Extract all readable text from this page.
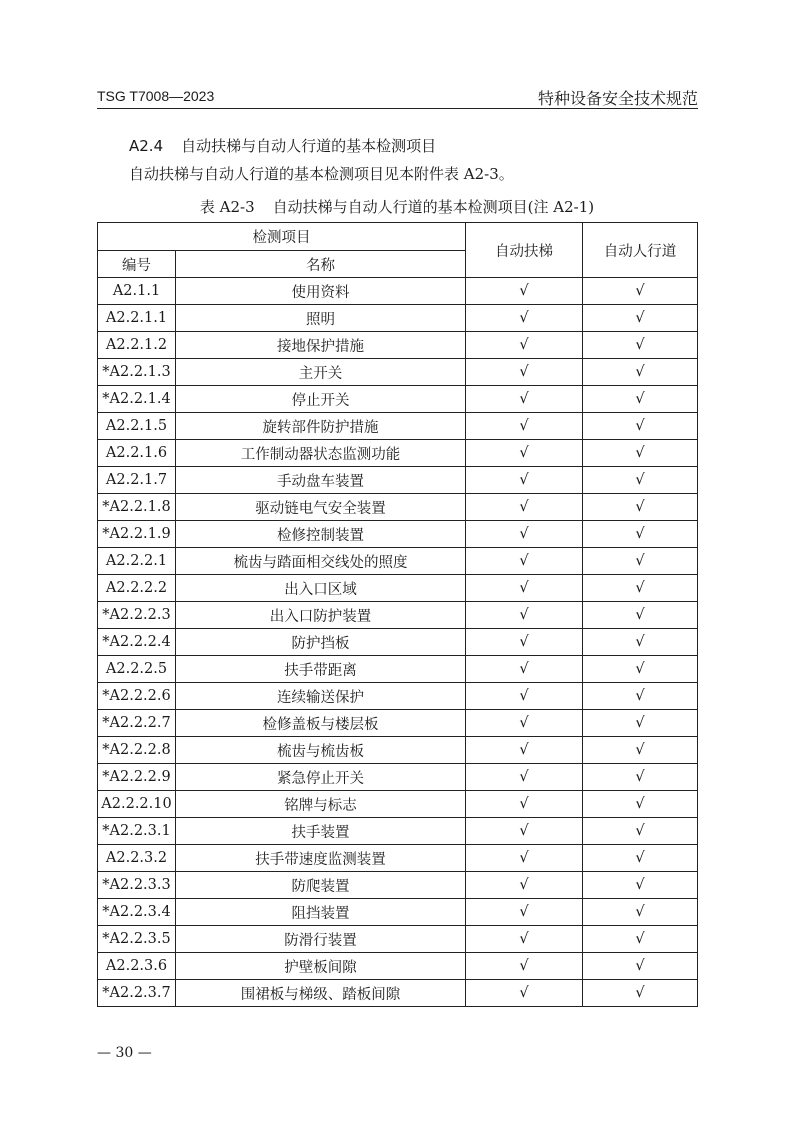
TSG T7008—2023	特种设备安全技术规范
A2.4 自动扶梯与自动人行道的基本检测项目
自动扶梯与自动人行道的基本检测项目见本附件表 A2-3。
表 A2-3 自动扶梯与自动人行道的基本检测项目(注 A2-1)
检测项目		自动扶梯	自动人行道
编号	名称		
A2.1.1	使用资料	√	√
A2.2.1.1	照明	√	√
A2.2.1.2	接地保护措施	√	√
*A2.2.1.3	主开关	√	√
*A2.2.1.4	停止开关	√	√
A2.2.1.5	旋转部件防护措施	√	√
A2.2.1.6	工作制动器状态监测功能	√	√
A2.2.1.7	手动盘车装置	√	√
*A2.2.1.8	驱动链电气安全装置	√	√
*A2.2.1.9	检修控制装置	√	√
A2.2.2.1	梳齿与踏面相交线处的照度	√	√
A2.2.2.2	出入口区域	√	√
*A2.2.2.3	出入口防护装置	√	√
*A2.2.2.4	防护挡板	√	√
A2.2.2.5	扶手带距离	√	√
*A2.2.2.6	连续输送保护	√	√
*A2.2.2.7	检修盖板与楼层板	√	√
*A2.2.2.8	梳齿与梳齿板	√	√
*A2.2.2.9	紧急停止开关	√	√
A2.2.2.10	铭牌与标志	√	√
*A2.2.3.1	扶手装置	√	√
A2.2.3.2	扶手带速度监测装置	√	√
*A2.2.3.3	防爬装置	√	√
*A2.2.3.4	阻挡装置	√	√
*A2.2.3.5	防滑行装置	√	√
A2.2.3.6	护壁板间隙	√	√
*A2.2.3.7	围裙板与梯级、踏板间隙	√	√
— 30 —
